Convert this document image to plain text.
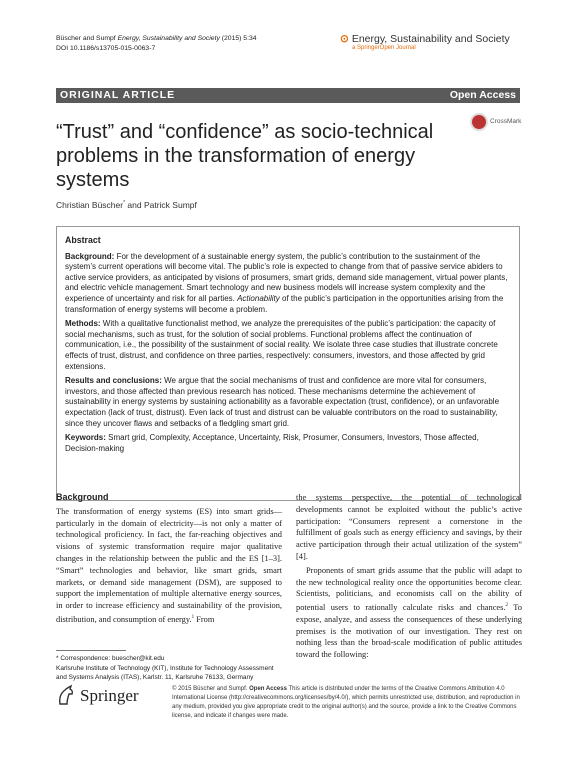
Büscher and Sumpf Energy, Sustainability and Society (2015) 5:34
DOI 10.1186/s13705-015-0063-7
⊙ Energy, Sustainability and Society
a SpringerOpen Journal
ORIGINAL ARTICLE	Open Access
“Trust” and “confidence” as socio-technical problems in the transformation of energy systems
CrossMark
Christian Büscher* and Patrick Sumpf
Abstract

Background: For the development of a sustainable energy system, the public’s contribution to the sustainment of the system’s current operations will become vital. The public’s role is expected to change from that of passive service abiders to active service providers, as anticipated by visions of prosumers, smart grids, demand side management, virtual power plants, and electric vehicle management. Smart technology and new business models will increase system complexity and the experience of uncertainty and risk for all parties. Actionability of the public’s participation in the opportunities arising from the transformation of energy systems will become a problem.

Methods: With a qualitative functionalist method, we analyze the prerequisites of the public’s participation: the capacity of social mechanisms, such as trust, for the solution of social problems. Functional problems affect the continuation of communication, i.e., the possibility of the sustainment of social reality. We isolate three case studies that illustrate concrete effects of trust, distrust, and confidence on three parties, respectively: consumers, investors, and those affected by grid extensions.

Results and conclusions: We argue that the social mechanisms of trust and confidence are more vital for consumers, investors, and those affected than previous research has noticed. These mechanisms determine the achievement of sustainability in energy systems by sustaining actionability as a favorable expectation (trust, confidence), or an unfavorable expectation (lack of trust, distrust). Even lack of trust and distrust can be valuable contributors on the road to sustainability, since they uncover flaws and setbacks of a fledgling smart grid.

Keywords: Smart grid, Complexity, Acceptance, Uncertainty, Risk, Prosumer, Consumers, Investors, Those affected, Decision-making

Background

The transformation of energy systems (ES) into smart grids—particularly in the domain of electricity—is not only a matter of technological proficiency. In fact, the far-reaching objectives and visions of systemic transformation require major qualitative changes in the relationship between the public and the ES [1–3]. “Smart” technologies and behavior, like smart grids, smart markets, or demand side management (DSM), are supposed to support the implementation of multiple alternative energy sources, in order to increase efficiency and sustainability of the provision, distribution, and consumption of energy.$^1$ From

the systems perspective, the potential of technological developments cannot be exploited without the public’s active participation: “Consumers represent a cornerstone in the fulfillment of goals such as energy efficiency and savings, by their active participation through their actual utilization of the system” [4].

Proponents of smart grids assume that the public will adapt to the new technological reality once the opportunities become clear. Scientists, politicians, and economists call on the ability of potential users to rationally calculate risks and chances.$^2$ To expose, analyze, and assess the consequences of these underlying premises is the motivation of our investigation. They rest on nothing less than the broad-scale modification of public attitudes toward the following:

* Correspondence: buescher@kit.edu
Karlsruhe Institute of Technology (KIT), Institute for Technology Assessment and Systems Analysis (ITAS), Karlstr. 11, Karlsruhe 76133, Germany
Springer	© 2015 Büscher and Sumpf. Open Access This article is distributed under the terms of the Creative Commons Attribution 4.0 International License (http://creativecommons.org/licenses/by/4.0/), which permits unrestricted use, distribution, and reproduction in any medium, provided you give appropriate credit to the original author(s) and the source, provide a link to the Creative Commons license, and indicate if changes were made.
